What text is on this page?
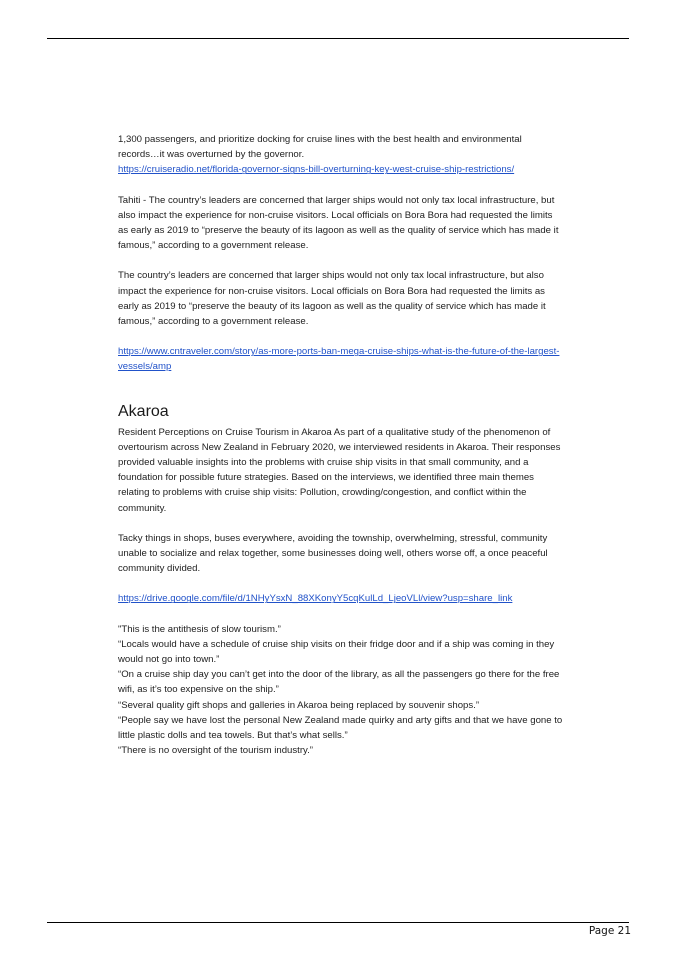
1,300 passengers, and prioritize docking for cruise lines with the best health and environmental records…it was overturned by the governor.

https://cruiseradio.net/florida-governor-signs-bill-overturning-key-west-cruise-ship-restrictions/

Tahiti - The country’s leaders are concerned that larger ships would not only tax local infrastructure, but also impact the experience for non-cruise visitors. Local officials on Bora Bora had requested the limits as early as 2019 to “preserve the beauty of its lagoon as well as the quality of service which has made it famous,” according to a government release.

The country’s leaders are concerned that larger ships would not only tax local infrastructure, but also impact the experience for non-cruise visitors. Local officials on Bora Bora had requested the limits as early as 2019 to “preserve the beauty of its lagoon as well as the quality of service which has made it famous,” according to a government release.

https://www.cntraveler.com/story/as-more-ports-ban-mega-cruise-ships-what-is-the-future-of-the-largest-vessels/amp

Akaroa

Resident Perceptions on Cruise Tourism in Akaroa As part of a qualitative study of the phenomenon of overtourism across New Zealand in February 2020, we interviewed residents in Akaroa. Their responses provided valuable insights into the problems with cruise ship visits in that small community, and a foundation for possible future strategies. Based on the interviews, we identified three main themes relating to problems with cruise ship visits: Pollution, crowding/congestion, and conflict within the community.

Tacky things in shops, buses everywhere, avoiding the township, overwhelming, stressful, community unable to socialize and relax together, some businesses doing well, others worse off, a once peaceful community divided.

https://drive.google.com/file/d/1NHyYsxN_88XKonyY5cqKulLd_LjeoVLl/view?usp=share_link

"This is the antithesis of slow tourism.”

“Locals would have a schedule of cruise ship visits on their fridge door and if a ship was coming in they would not go into town.”

“On a cruise ship day you can’t get into the door of the library, as all the passengers go there for the free wifi, as it’s too expensive on the ship.”

“Several quality gift shops and galleries in Akaroa being replaced by souvenir shops.”

“People say we have lost the personal New Zealand made quirky and arty gifts and that we have gone to little plastic dolls and tea towels. But that’s what sells.”

“There is no oversight of the tourism industry.”

Page 21
